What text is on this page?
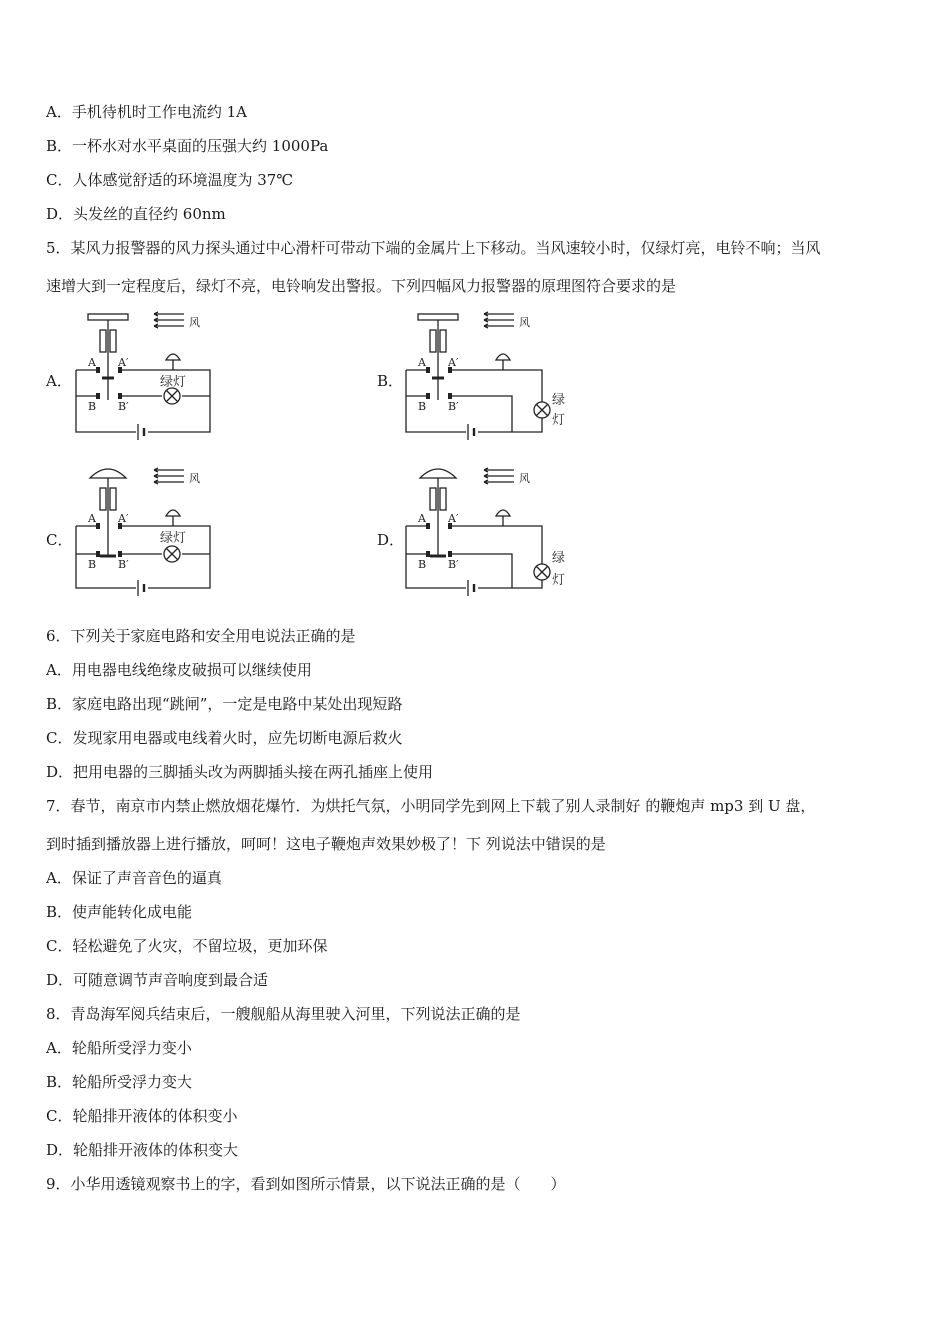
A．手机待机时工作电流约 1A
B．一杯水对水平桌面的压强大约 1000Pa
C．人体感觉舒适的环境温度为 37℃
D．头发丝的直径约 60nm
5．某风力报警器的风力探头通过中心滑杆可带动下端的金属片上下移动。当风速较小时，仅绿灯亮，电铃不响；当风
速增大到一定程度后，绿灯不亮，电铃响发出警报。下列四幅风力报警器的原理图符合要求的是
A．	B．
C．	D．
风
A A′
B B′
绿灯
风
A A′
B B′	绿
灯
风
A A′
B B′
绿灯
风
A A′
B B′	绿
灯
6．下列关于家庭电路和安全用电说法正确的是
A．用电器电线绝缘皮破损可以继续使用
B．家庭电路出现“跳闸”，一定是电路中某处出现短路
C．发现家用电器或电线着火时，应先切断电源后救火
D．把用电器的三脚插头改为两脚插头接在两孔插座上使用
7．春节，南京市内禁止燃放烟花爆竹．为烘托气氛，小明同学先到网上下载了别人录制好 的鞭炮声 mp3 到 U 盘，
到时插到播放器上进行播放，呵呵！这电子鞭炮声效果妙极了！下 列说法中错误的是
A．保证了声音音色的逼真
B．使声能转化成电能
C．轻松避免了火灾，不留垃圾，更加环保
D．可随意调节声音响度到最合适
8．青岛海军阅兵结束后，一艘舰船从海里驶入河里，下列说法正确的是
A．轮船所受浮力变小
B．轮船所受浮力变大
C．轮船排开液体的体积变小
D．轮船排开液体的体积变大
9．小华用透镜观察书上的字，看到如图所示情景，以下说法正确的是（　　）
